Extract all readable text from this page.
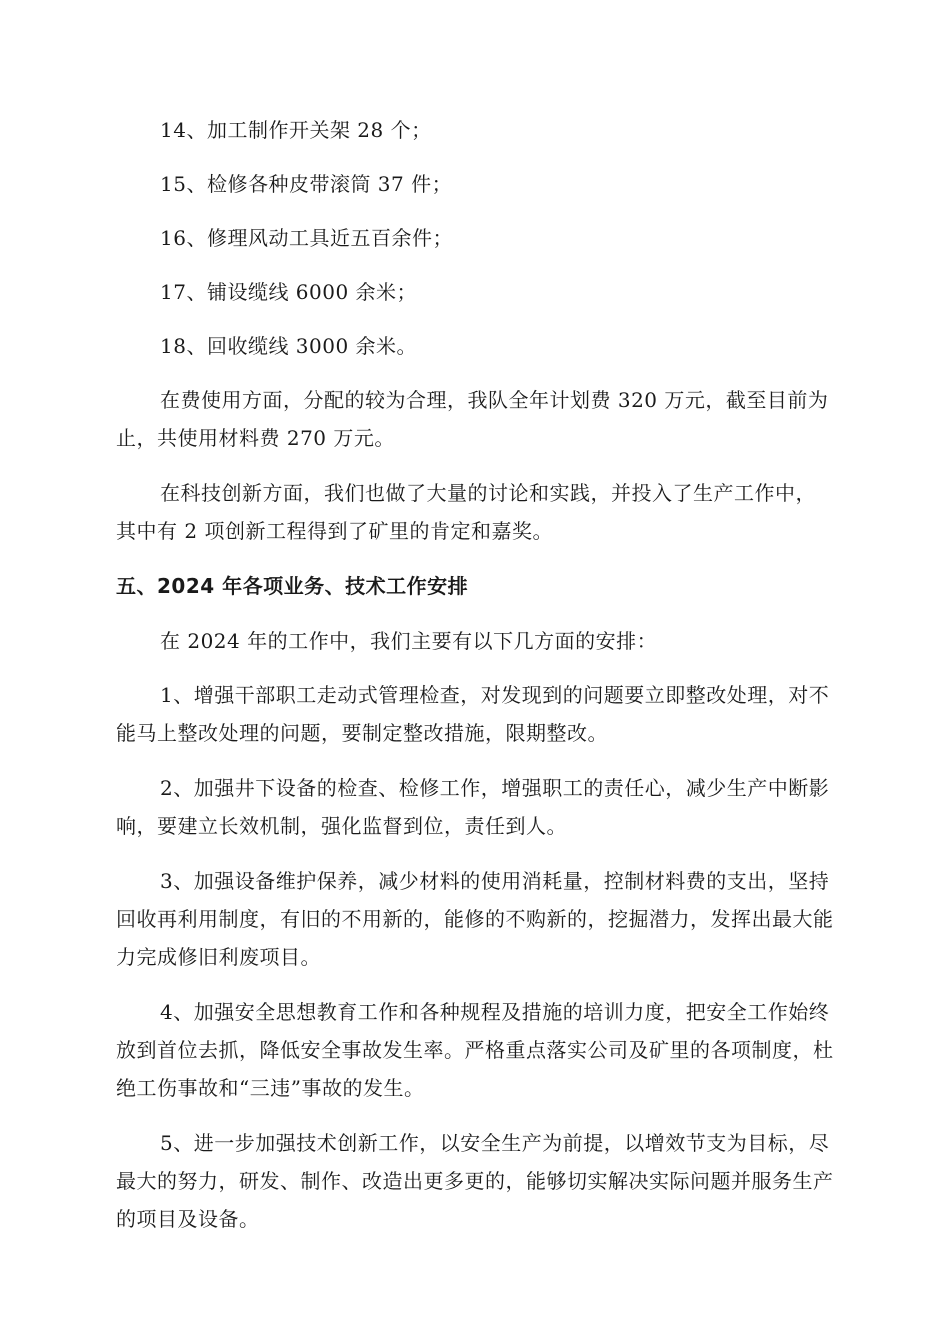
14、加工制作开关架 28 个；

15、检修各种皮带滚筒 37 件；

16、修理风动工具近五百余件；

17、铺设缆线 6000 余米；

18、回收缆线 3000 余米。

在费使用方面，分配的较为合理，我队全年计划费 320 万元，截至目前为止，共使用材料费 270 万元。

在科技创新方面，我们也做了大量的讨论和实践，并投入了生产工作中，其中有 2 项创新工程得到了矿里的肯定和嘉奖。

五、2024 年各项业务、技术工作安排

在 2024 年的工作中，我们主要有以下几方面的安排：

1、增强干部职工走动式管理检查，对发现到的问题要立即整改处理，对不能马上整改处理的问题，要制定整改措施，限期整改。

2、加强井下设备的检查、检修工作，增强职工的责任心，减少生产中断影响，要建立长效机制，强化监督到位，责任到人。

3、加强设备维护保养，减少材料的使用消耗量，控制材料费的支出，坚持回收再利用制度，有旧的不用新的，能修的不购新的，挖掘潜力，发挥出最大能力完成修旧利废项目。

4、加强安全思想教育工作和各种规程及措施的培训力度，把安全工作始终放到首位去抓，降低安全事故发生率。严格重点落实公司及矿里的各项制度，杜绝工伤事故和“三违”事故的发生。

5、进一步加强技术创新工作，以安全生产为前提，以增效节支为目标，尽最大的努力，研发、制作、改造出更多更的，能够切实解决实际问题并服务生产的项目及设备。
